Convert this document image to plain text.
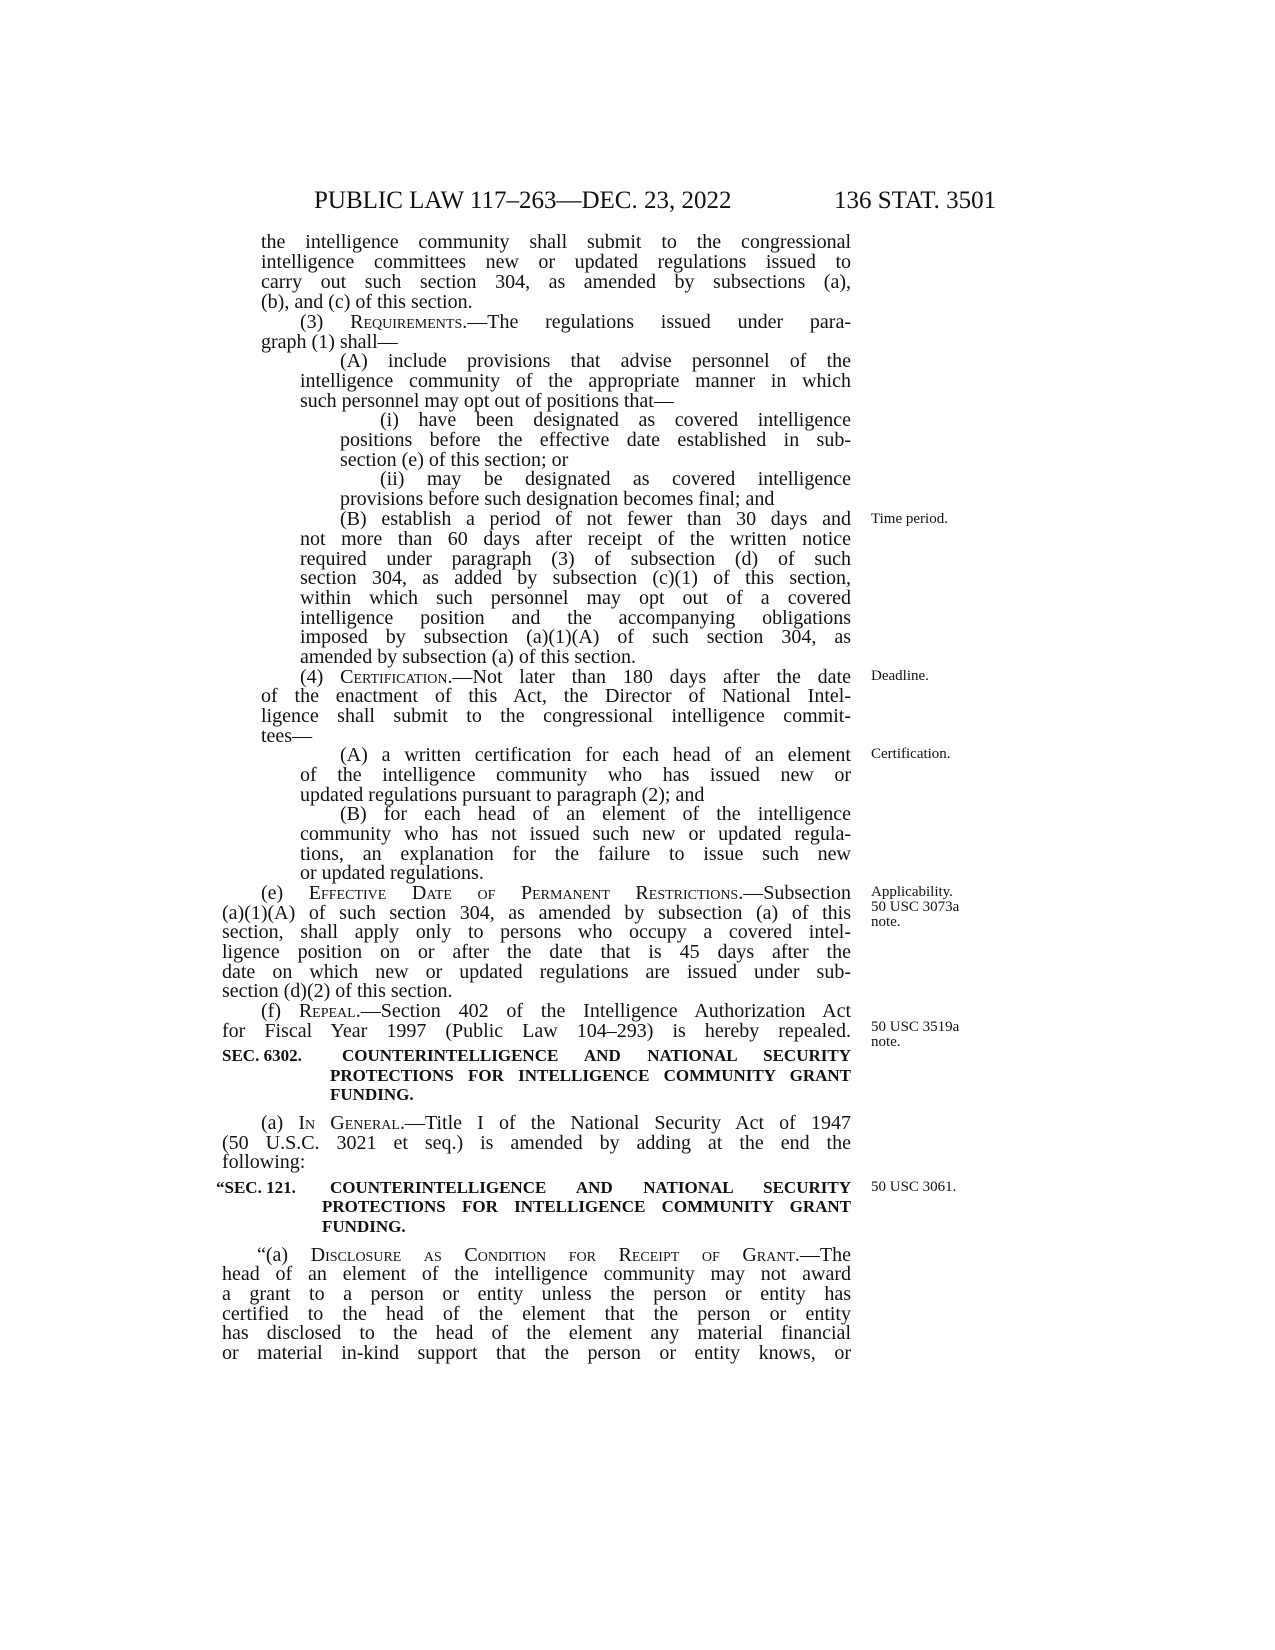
PUBLIC LAW 117–263—DEC. 23, 2022	136 STAT. 3501
the intelligence community shall submit to the congressional
intelligence committees new or updated regulations issued to
carry out such section 304, as amended by subsections (a),
(b), and (c) of this section.
(3) Requirements.—The regulations issued under para-
graph (1) shall—
(A) include provisions that advise personnel of the
intelligence community of the appropriate manner in which
such personnel may opt out of positions that—
(i) have been designated as covered intelligence
positions before the effective date established in sub-
section (e) of this section; or
(ii) may be designated as covered intelligence
provisions before such designation becomes final; and
(B) establish a period of not fewer than 30 days and
not more than 60 days after receipt of the written notice
required under paragraph (3) of subsection (d) of such
section 304, as added by subsection (c)(1) of this section,
within which such personnel may opt out of a covered
intelligence position and the accompanying obligations
imposed by subsection (a)(1)(A) of such section 304, as
amended by subsection (a) of this section.
(4) Certification.—Not later than 180 days after the date
of the enactment of this Act, the Director of National Intel-
ligence shall submit to the congressional intelligence commit-
tees—
(A) a written certification for each head of an element
of the intelligence community who has issued new or
updated regulations pursuant to paragraph (2); and
(B) for each head of an element of the intelligence
community who has not issued such new or updated regula-
tions, an explanation for the failure to issue such new
or updated regulations.
(e) Effective Date of Permanent Restrictions.—Subsection
(a)(1)(A) of such section 304, as amended by subsection (a) of this
section, shall apply only to persons who occupy a covered intel-
ligence position on or after the date that is 45 days after the
date on which new or updated regulations are issued under sub-
section (d)(2) of this section.
(f) Repeal.—Section 402 of the Intelligence Authorization Act
for Fiscal Year 1997 (Public Law 104–293) is hereby repealed.
SEC. 6302. COUNTERINTELLIGENCE AND NATIONAL SECURITY
PROTECTIONS FOR INTELLIGENCE COMMUNITY GRANT
FUNDING.
(a) In General.—Title I of the National Security Act of 1947
(50 U.S.C. 3021 et seq.) is amended by adding at the end the
following:
“SEC. 121. COUNTERINTELLIGENCE AND NATIONAL SECURITY
PROTECTIONS FOR INTELLIGENCE COMMUNITY GRANT
FUNDING.
“(a) Disclosure as Condition for Receipt of Grant.—The
head of an element of the intelligence community may not award
a grant to a person or entity unless the person or entity has
certified to the head of the element that the person or entity
has disclosed to the head of the element any material financial
or material in-kind support that the person or entity knows, or
Time period.
Deadline.
Certification.
Applicability.
50 USC 3073a
note.
50 USC 3519a
note.
50 USC 3061.
